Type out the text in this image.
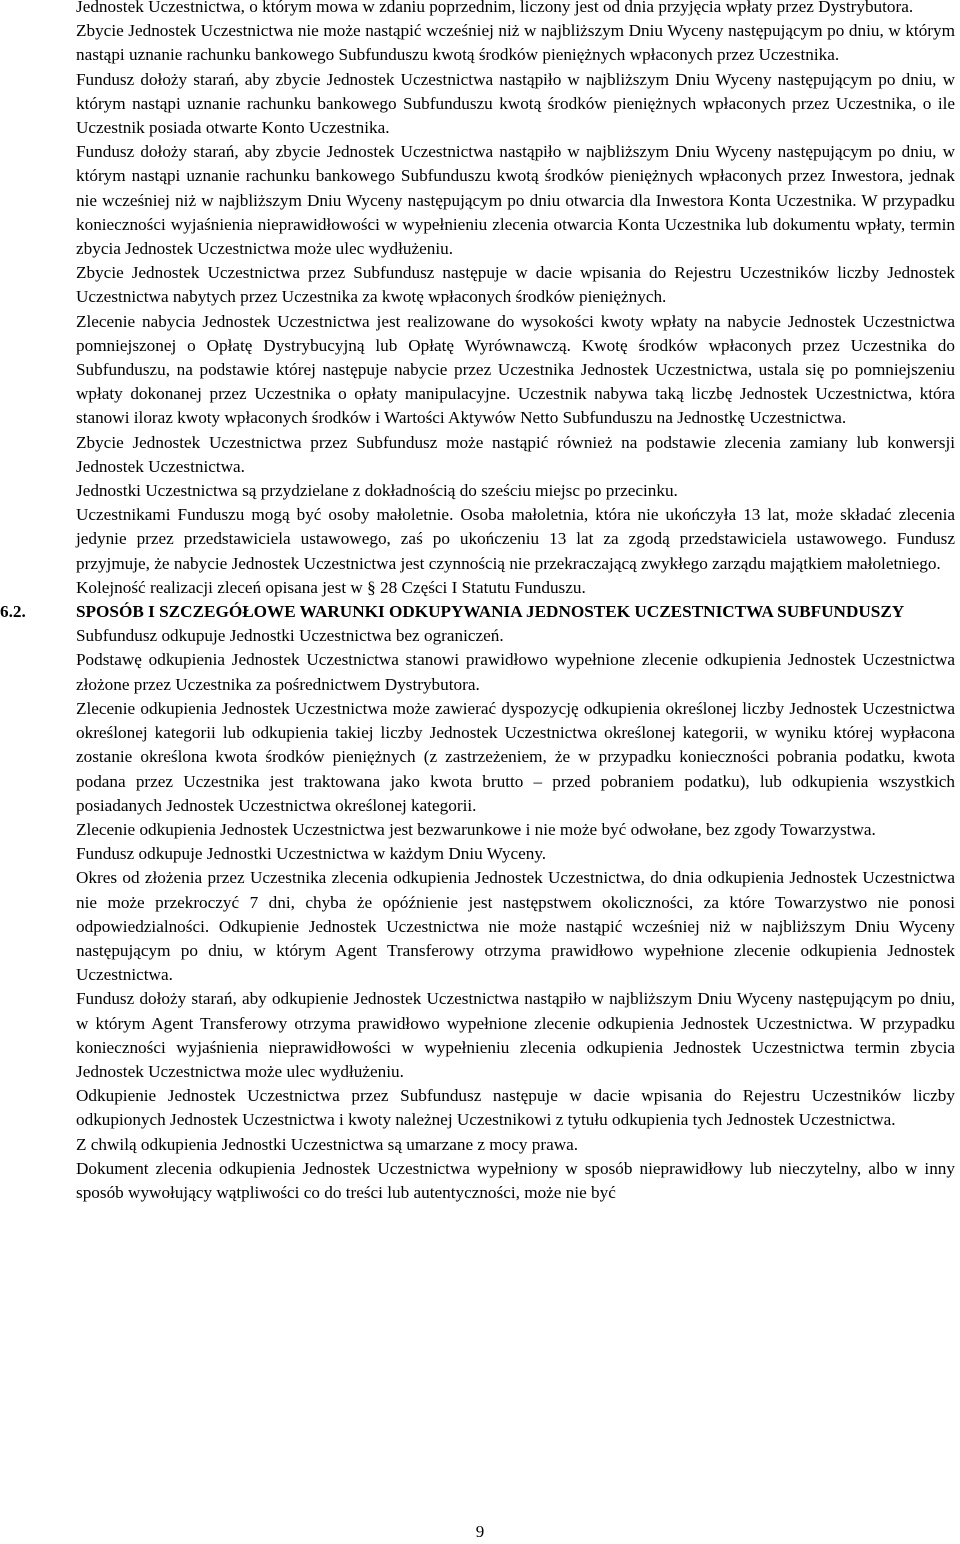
Jednostek Uczestnictwa, o którym mowa w zdaniu poprzednim, liczony jest od dnia przyjęcia wpłaty przez Dystrybutora.

Zbycie Jednostek Uczestnictwa nie może nastąpić wcześniej niż w najbliższym Dniu Wyceny następującym po dniu, w którym nastąpi uznanie rachunku bankowego Subfunduszu kwotą środków pieniężnych wpłaconych przez Uczestnika.

Fundusz dołoży starań, aby zbycie Jednostek Uczestnictwa nastąpiło w najbliższym Dniu Wyceny następującym po dniu, w którym nastąpi uznanie rachunku bankowego Subfunduszu kwotą środków pieniężnych wpłaconych przez Uczestnika, o ile Uczestnik posiada otwarte Konto Uczestnika.

Fundusz dołoży starań, aby zbycie Jednostek Uczestnictwa nastąpiło w najbliższym Dniu Wyceny następującym po dniu, w którym nastąpi uznanie rachunku bankowego Subfunduszu kwotą środków pieniężnych wpłaconych przez Inwestora, jednak nie wcześniej niż w najbliższym Dniu Wyceny następującym po dniu otwarcia dla Inwestora Konta Uczestnika. W przypadku konieczności wyjaśnienia nieprawidłowości w wypełnieniu zlecenia otwarcia Konta Uczestnika lub dokumentu wpłaty, termin zbycia Jednostek Uczestnictwa może ulec wydłużeniu.

Zbycie Jednostek Uczestnictwa przez Subfundusz następuje w dacie wpisania do Rejestru Uczestników liczby Jednostek Uczestnictwa nabytych przez Uczestnika za kwotę wpłaconych środków pieniężnych.

Zlecenie nabycia Jednostek Uczestnictwa jest realizowane do wysokości kwoty wpłaty na nabycie Jednostek Uczestnictwa pomniejszonej o Opłatę Dystrybucyjną lub Opłatę Wyrównawczą. Kwotę środków wpłaconych przez Uczestnika do Subfunduszu, na podstawie której następuje nabycie przez Uczestnika Jednostek Uczestnictwa, ustala się po pomniejszeniu wpłaty dokonanej przez Uczestnika o opłaty manipulacyjne. Uczestnik nabywa taką liczbę Jednostek Uczestnictwa, która stanowi iloraz kwoty wpłaconych środków i Wartości Aktywów Netto Subfunduszu na Jednostkę Uczestnictwa.

Zbycie Jednostek Uczestnictwa przez Subfundusz może nastąpić również na podstawie zlecenia zamiany lub konwersji Jednostek Uczestnictwa.

Jednostki Uczestnictwa są przydzielane z dokładnością do sześciu miejsc po przecinku.

Uczestnikami Funduszu mogą być osoby małoletnie. Osoba małoletnia, która nie ukończyła 13 lat, może składać zlecenia jedynie przez przedstawiciela ustawowego, zaś po ukończeniu 13 lat za zgodą przedstawiciela ustawowego. Fundusz przyjmuje, że nabycie Jednostek Uczestnictwa jest czynnością nie przekraczającą zwykłego zarządu majątkiem małoletniego.

Kolejność realizacji zleceń opisana jest w § 28 Części I Statutu Funduszu.

6.2.	SPOSÓB I SZCZEGÓŁOWE WARUNKI ODKUPYWANIA JEDNOSTEK UCZESTNICTWA SUBFUNDUSZY

Subfundusz odkupuje Jednostki Uczestnictwa bez ograniczeń.

Podstawę odkupienia Jednostek Uczestnictwa stanowi prawidłowo wypełnione zlecenie odkupienia Jednostek Uczestnictwa złożone przez Uczestnika za pośrednictwem Dystrybutora.

Zlecenie odkupienia Jednostek Uczestnictwa może zawierać dyspozycję odkupienia określonej liczby Jednostek Uczestnictwa określonej kategorii lub odkupienia takiej liczby Jednostek Uczestnictwa określonej kategorii, w wyniku której wypłacona zostanie określona kwota środków pieniężnych (z zastrzeżeniem, że w przypadku konieczności pobrania podatku, kwota podana przez Uczestnika jest traktowana jako kwota brutto – przed pobraniem podatku), lub odkupienia wszystkich posiadanych Jednostek Uczestnictwa określonej kategorii.

Zlecenie odkupienia Jednostek Uczestnictwa jest bezwarunkowe i nie może być odwołane, bez zgody Towarzystwa.

Fundusz odkupuje Jednostki Uczestnictwa w każdym Dniu Wyceny.

Okres od złożenia przez Uczestnika zlecenia odkupienia Jednostek Uczestnictwa, do dnia odkupienia Jednostek Uczestnictwa nie może przekroczyć 7 dni, chyba że opóźnienie jest następstwem okoliczności, za które Towarzystwo nie ponosi odpowiedzialności. Odkupienie Jednostek Uczestnictwa nie może nastąpić wcześniej niż w najbliższym Dniu Wyceny następującym po dniu, w którym Agent Transferowy otrzyma prawidłowo wypełnione zlecenie odkupienia Jednostek Uczestnictwa.

Fundusz dołoży starań, aby odkupienie Jednostek Uczestnictwa nastąpiło w najbliższym Dniu Wyceny następującym po dniu, w którym Agent Transferowy otrzyma prawidłowo wypełnione zlecenie odkupienia Jednostek Uczestnictwa. W przypadku konieczności wyjaśnienia nieprawidłowości w wypełnieniu zlecenia odkupienia Jednostek Uczestnictwa termin zbycia Jednostek Uczestnictwa może ulec wydłużeniu.

Odkupienie Jednostek Uczestnictwa przez Subfundusz następuje w dacie wpisania do Rejestru Uczestników liczby odkupionych Jednostek Uczestnictwa i kwoty należnej Uczestnikowi z tytułu odkupienia tych Jednostek Uczestnictwa.

Z chwilą odkupienia Jednostki Uczestnictwa są umarzane z mocy prawa.

Dokument zlecenia odkupienia Jednostek Uczestnictwa wypełniony w sposób nieprawidłowy lub nieczytelny, albo w inny sposób wywołujący wątpliwości co do treści lub autentyczności, może nie być

9
